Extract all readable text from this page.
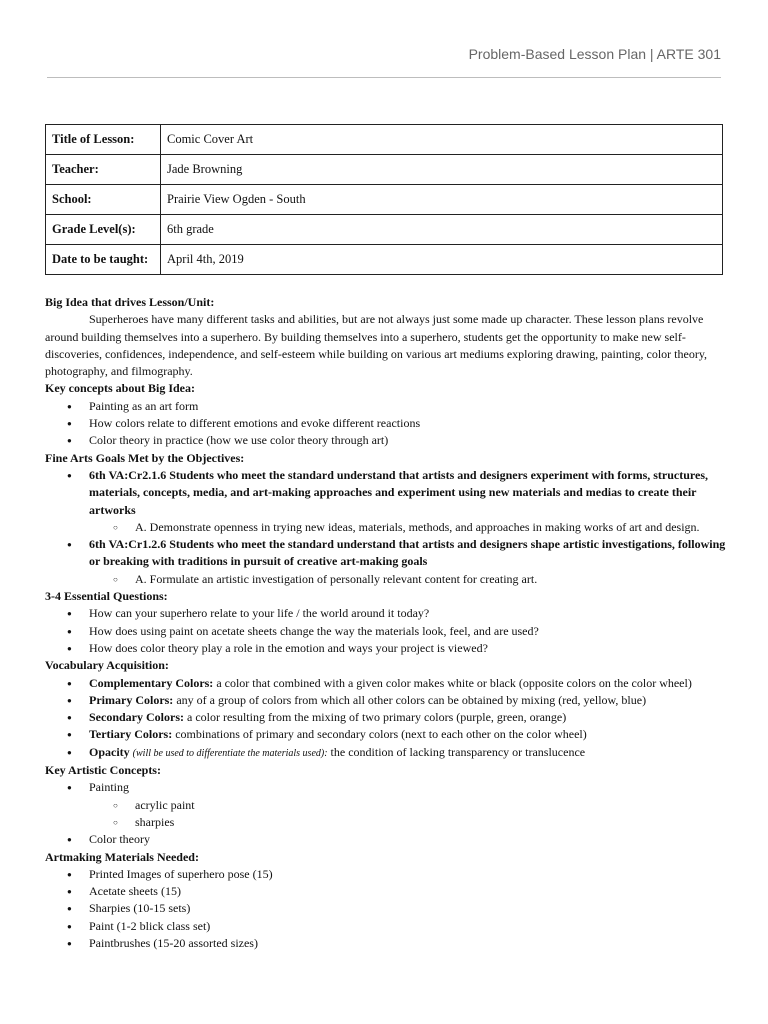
Problem-Based Lesson Plan | ARTE 301
Title of Lesson:	Comic Cover Art
Teacher:	Jade Browning
School:	Prairie View Ogden - South
Grade Level(s):	6th grade
Date to be taught:	April 4th, 2019
Big Idea that drives Lesson/Unit:
Superheroes have many different tasks and abilities, but are not always just some made up character. These lesson plans revolve around building themselves into a superhero. By building themselves into a superhero, students get the opportunity to make new self-discoveries, confidences, independence, and self-esteem while building on various art mediums exploring drawing, painting, color theory, photography, and filmography.
Key concepts about Big Idea:
● Painting as an art form
● How colors relate to different emotions and evoke different reactions
● Color theory in practice (how we use color theory through art)
Fine Arts Goals Met by the Objectives:
● 6th VA:Cr2.1.6 Students who meet the standard understand that artists and designers experiment with forms, structures, materials, concepts, media, and art-making approaches and experiment using new materials and medias to create their artworks
○ A. Demonstrate openness in trying new ideas, materials, methods, and approaches in making works of art and design.
● 6th VA:Cr1.2.6 Students who meet the standard understand that artists and designers shape artistic investigations, following or breaking with traditions in pursuit of creative art-making goals
○ A. Formulate an artistic investigation of personally relevant content for creating art.
3-4 Essential Questions:
● How can your superhero relate to your life / the world around it today?
● How does using paint on acetate sheets change the way the materials look, feel, and are used?
● How does color theory play a role in the emotion and ways your project is viewed?
Vocabulary Acquisition:
● Complementary Colors: a color that combined with a given color makes white or black (opposite colors on the color wheel)
● Primary Colors: any of a group of colors from which all other colors can be obtained by mixing (red, yellow, blue)
● Secondary Colors: a color resulting from the mixing of two primary colors (purple, green, orange)
● Tertiary Colors: combinations of primary and secondary colors (next to each other on the color wheel)
● Opacity (will be used to differentiate the materials used): the condition of lacking transparency or translucence
Key Artistic Concepts:
● Painting
○ acrylic paint
○ sharpies
● Color theory
Artmaking Materials Needed:
● Printed Images of superhero pose (15)
● Acetate sheets (15)
● Sharpies (10-15 sets)
● Paint (1-2 blick class set)
● Paintbrushes (15-20 assorted sizes)
